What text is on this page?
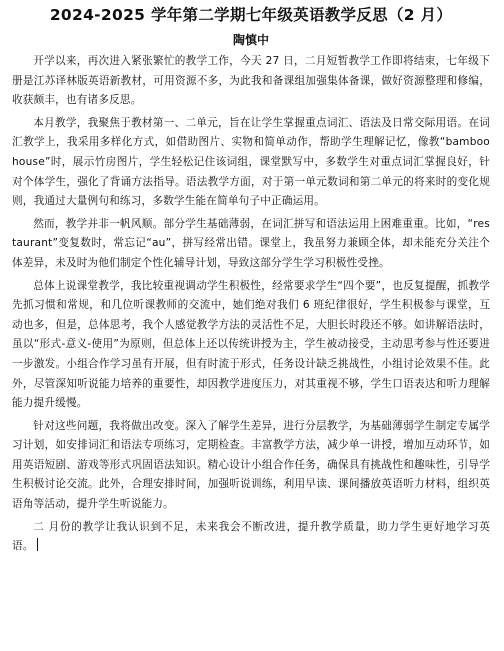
2024-2025 学年第二学期七年级英语教学反思（2 月）
陶慎中

开学以来，再次进入紧张繁忙的教学工作，今天 27 日，二月短暂教学工作即将结束，七年级下册是江苏译林版英语新教材，可用资源不多，为此我和备课组加强集体备课，做好资源整理和修编，收获颇丰，也有诸多反思。

本月教学，我聚焦于教材第一、二单元，旨在让学生掌握重点词汇、语法及日常交际用语。在词汇教学上，我采用多样化方式，如借助图片、实物和简单动作，帮助学生理解记忆，像教“bamboo house”时，展示竹房图片，学生轻松记住该词组，课堂默写中，多数学生对重点词汇掌握良好，针对个体学生，强化了背诵方法指导。语法教学方面，对于第一单元数词和第二单元的将来时的变化规则，我通过大量例句和练习，多数学生能在简单句子中正确运用。

然而，教学并非一帆风顺。部分学生基础薄弱，在词汇拼写和语法运用上困难重重。比如，“restaurant”变复数时，常忘记“au”，拼写经常出错。课堂上，我虽努力兼顾全体，却未能充分关注个体差异，未及时为他们制定个性化辅导计划，导致这部分学生学习积极性受挫。

总体上说课堂教学，我比较重视调动学生积极性，经常要求学生“四个要”，也反复提醒，抓教学先抓习惯和常规，和几位听课教师的交流中，她们绝对我们 6 班纪律很好，学生积极参与课堂，互动也多，但是，总体思考，我个人感觉教学方法的灵活性不足，大胆长时段还不够。如讲解语法时，虽以“形式-意义-使用”为原则，但总体上还以传统讲授为主，学生被动接受，主动思考参与性还要进一步激发。小组合作学习虽有开展，但有时流于形式，任务设计缺乏挑战性，小组讨论效果不佳。此外，尽管深知听说能力培养的重要性，却因教学进度压力，对其重视不够，学生口语表达和听力理解能力提升缓慢。

针对这些问题，我将做出改变。深入了解学生差异，进行分层教学，为基础薄弱学生制定专属学习计划，如安排词汇和语法专项练习，定期检查。丰富教学方法，减少单一讲授，增加互动环节，如用英语短剧、游戏等形式巩固语法知识。精心设计小组合作任务，确保具有挑战性和趣味性，引导学生积极讨论交流。此外，合理安排时间，加强听说训练，利用早读、课间播放英语听力材料，组织英语角等活动，提升学生听说能力。

二 月份的教学让我认识到不足，未来我会不断改进，提升教学质量，助力学生更好地学习英语。
